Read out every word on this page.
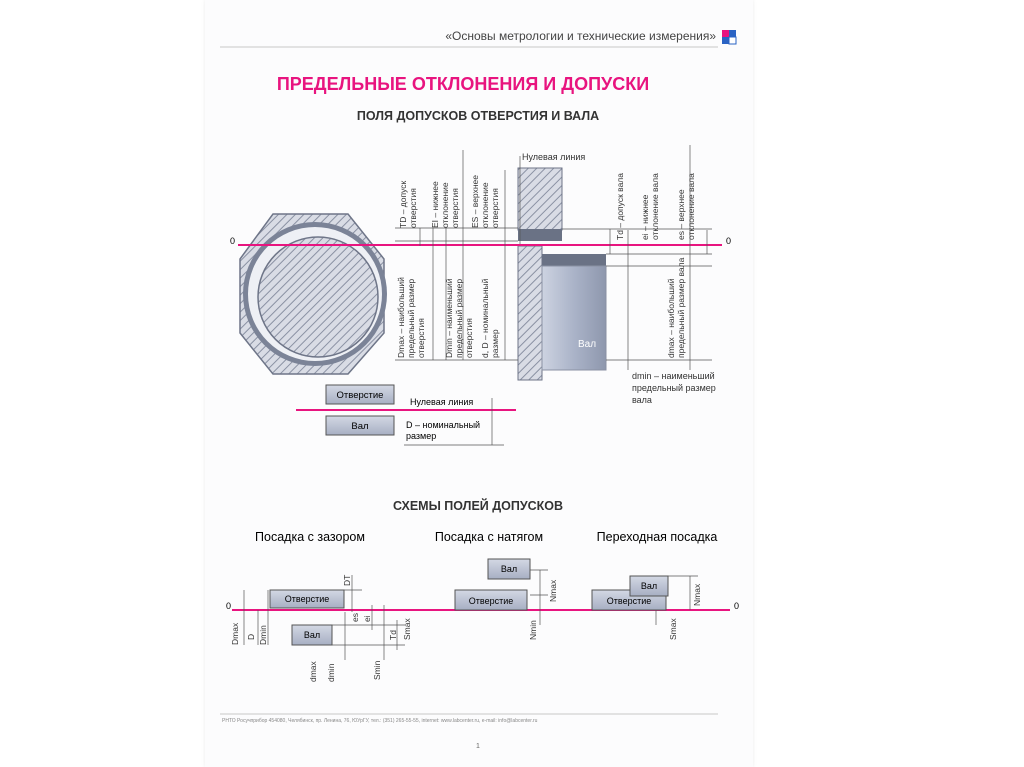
«Основы метрологии и технические измерения»
ПРЕДЕЛЬНЫЕ ОТКЛОНЕНИЯ И ДОПУСКИ
ПОЛЯ ДОПУСКОВ ОТВЕРСТИЯ И ВАЛА
Вал
Нулевая линия
0	0
TD – допуск отверстия EI – нижнее отклонение отверстия ES – верхнее отклонение отверстия
Dmax – наибольший предельный размер отверстия Dmin – наименьший предельный размер отверстия d, D – номинальный размер
Td – допуск вала ei – нижнее отклонение вала es – верхнее отклонение вала
dmax – наибольший предельный размер вала
dmin – наименьший
предельный размер
вала
Отверстие
Вал
Нулевая линия
D – номинальный
размер
СХЕМЫ ПОЛЕЙ ДОПУСКОВ
Посадка с зазором	Посадка с натягом	Переходная посадка
0	0
Отверстие
Вал
Dmax D Dmin
DT
es ei
Td Smax
Smin
dmax dmin
Отверстие
Вал
Nmax
Nmin
Отверстие
Вал	Nmax
Smax
РНТО Росучприбор 454080, Челябинск, пр. Ленина, 76, ЮУрГУ, тел.: (351) 265-55-55, internet: www.labcenter.ru, e-mail: info@labcenter.ru
1
